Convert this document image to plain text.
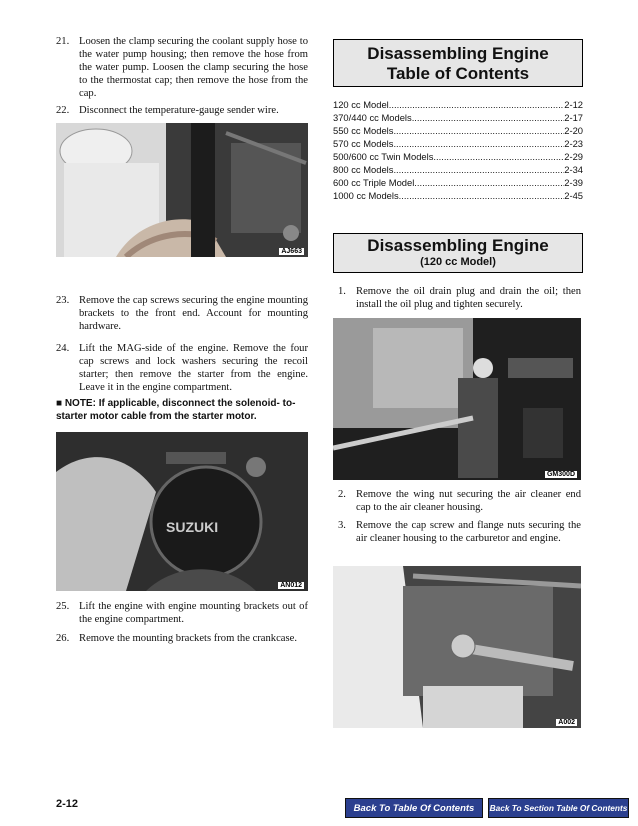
21. Loosen the clamp securing the coolant supply hose to the water pump housing; then remove the hose from the water pump. Loosen the clamp securing the hose to the thermostat cap; then remove the hose from the cap.
22. Disconnect the temperature-gauge sender wire.
AJ663
23. Remove the cap screws securing the engine mounting brackets to the front end. Account for mounting hardware.
24. Lift the MAG-side of the engine. Remove the four cap screws and lock washers securing the recoil starter; then remove the starter from the engine. Leave it in the engine compartment.
■ NOTE: If applicable, disconnect the solenoid- to-starter motor cable from the starter motor.
SUZUKI
AN012
25. Lift the engine with engine mounting brackets out of the engine compartment.
26. Remove the mounting brackets from the crankcase.
Disassembling Engine
Table of Contents
120 cc Model .....	2-12
370/440 cc Models .....	2-17
550 cc Models .....	2-20
570 cc Models .....	2-23
500/600 cc Twin Models .....	2-29
800 cc Models .....	2-34
600 cc Triple Model .....	2-39
1000 cc Models .....	2-45
Disassembling Engine
(120 cc Model)
1. Remove the oil drain plug and drain the oil; then install the oil plug and tighten securely.
GM300D
2. Remove the wing nut securing the air cleaner end cap to the air cleaner housing.
3. Remove the cap screw and flange nuts securing the air cleaner housing to the carburetor and engine.
A002
2-12	Back To Table Of Contents	Back To Section Table Of Contents
